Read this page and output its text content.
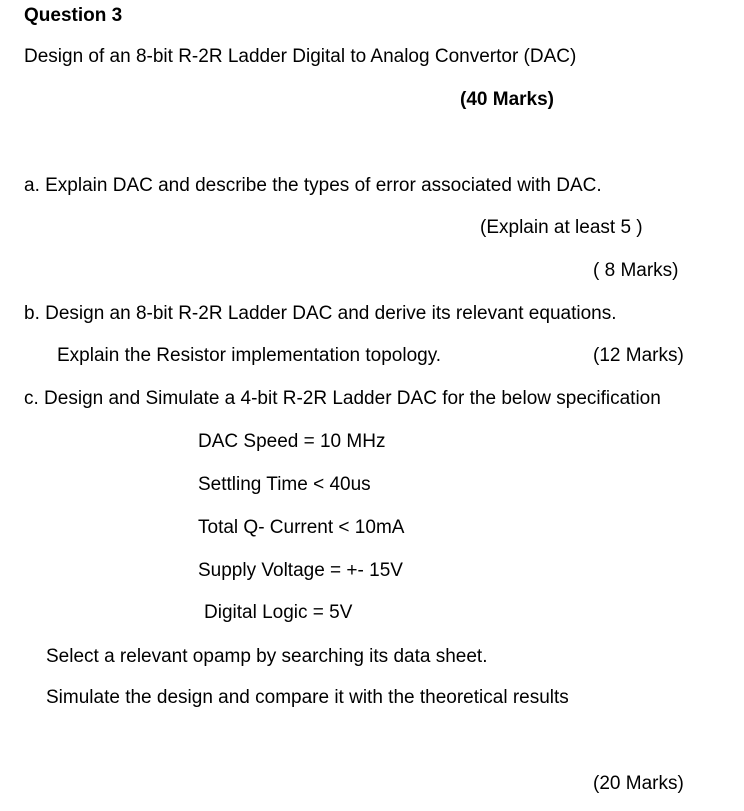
Question 3
Design of an 8-bit R-2R Ladder Digital to Analog Convertor (DAC)
(40 Marks)
a. Explain DAC and describe the types of error associated with DAC.
(Explain at least 5 )
( 8 Marks)
b. Design an 8-bit R-2R Ladder DAC and derive its relevant equations.
Explain the Resistor implementation topology.	(12 Marks)
c. Design and Simulate a 4-bit R-2R Ladder DAC for the below specification
DAC Speed = 10 MHz
Settling Time < 40us
Total Q- Current < 10mA
Supply Voltage = +- 15V
Digital Logic = 5V
Select a relevant opamp by searching its data sheet.
Simulate the design and compare it with the theoretical results
(20 Marks)
